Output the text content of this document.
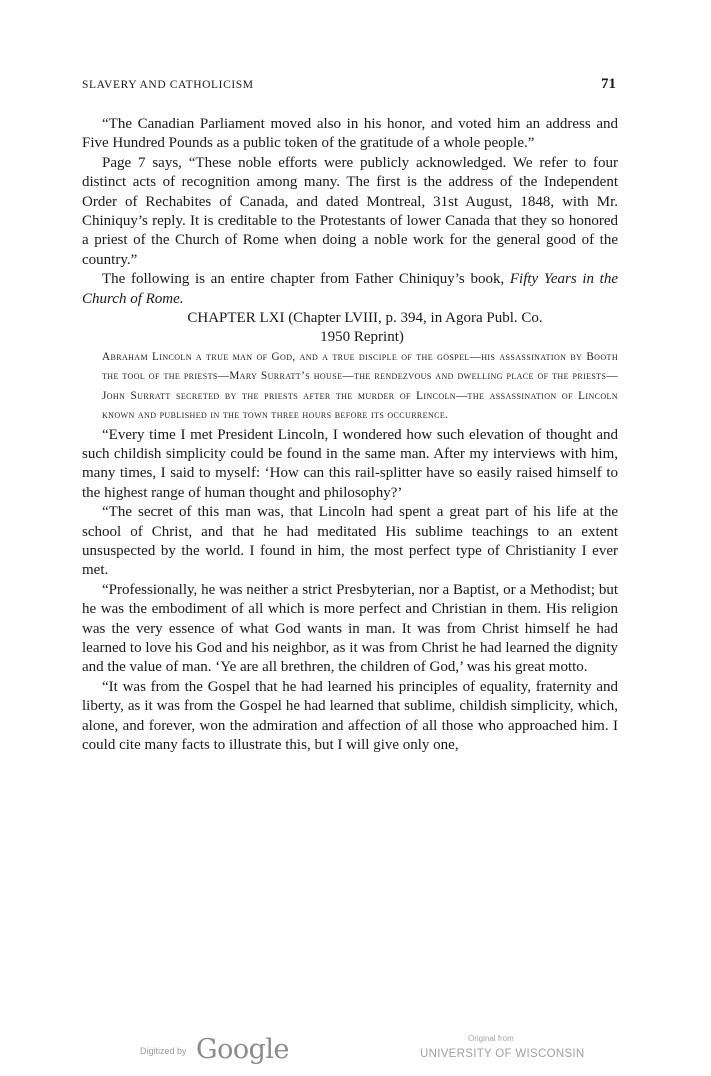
SLAVERY AND CATHOLICISM	71

“The Canadian Parliament moved also in his honor, and voted him an address and Five Hundred Pounds as a public token of the gratitude of a whole people.”

Page 7 says, “These noble efforts were publicly acknowledged. We refer to four distinct acts of recognition among many. The first is the address of the Independent Order of Rechabites of Canada, and dated Montreal, 31st August, 1848, with Mr. Chiniquy’s reply. It is creditable to the Protestants of lower Canada that they so honored a priest of the Church of Rome when doing a noble work for the general good of the country.”

The following is an entire chapter from Father Chiniquy’s book, Fifty Years in the Church of Rome.

CHAPTER LXI (Chapter LVIII, p. 394, in Agora Publ. Co.
1950 Reprint)
Abraham Lincoln a true man of God, and a true disciple of the gospel—his assassination by Booth the tool of the priests—Mary Surratt’s house—the rendezvous and dwelling place of the priests—John Surratt secreted by the priests after the murder of Lincoln—the assassination of Lincoln known and published in the town three hours before its occurrence.

“Every time I met President Lincoln, I wondered how such elevation of thought and such childish simplicity could be found in the same man. After my interviews with him, many times, I said to myself: ‘How can this rail-splitter have so easily raised himself to the highest range of human thought and philosophy?’

“The secret of this man was, that Lincoln had spent a great part of his life at the school of Christ, and that he had meditated His sublime teachings to an extent unsuspected by the world. I found in him, the most perfect type of Christianity I ever met.

“Professionally, he was neither a strict Presbyterian, nor a Baptist, or a Methodist; but he was the embodiment of all which is more perfect and Christian in them. His religion was the very essence of what God wants in man. It was from Christ himself he had learned to love his God and his neighbor, as it was from Christ he had learned the dignity and the value of man. ‘Ye are all brethren, the children of God,’ was his great motto.

“It was from the Gospel that he had learned his principles of equality, fraternity and liberty, as it was from the Gospel he had learned that sublime, childish simplicity, which, alone, and forever, won the admiration and affection of all those who approached him. I could cite many facts to illustrate this, but I will give only one,

Digitized by Google	Original from
UNIVERSITY OF WISCONSIN
